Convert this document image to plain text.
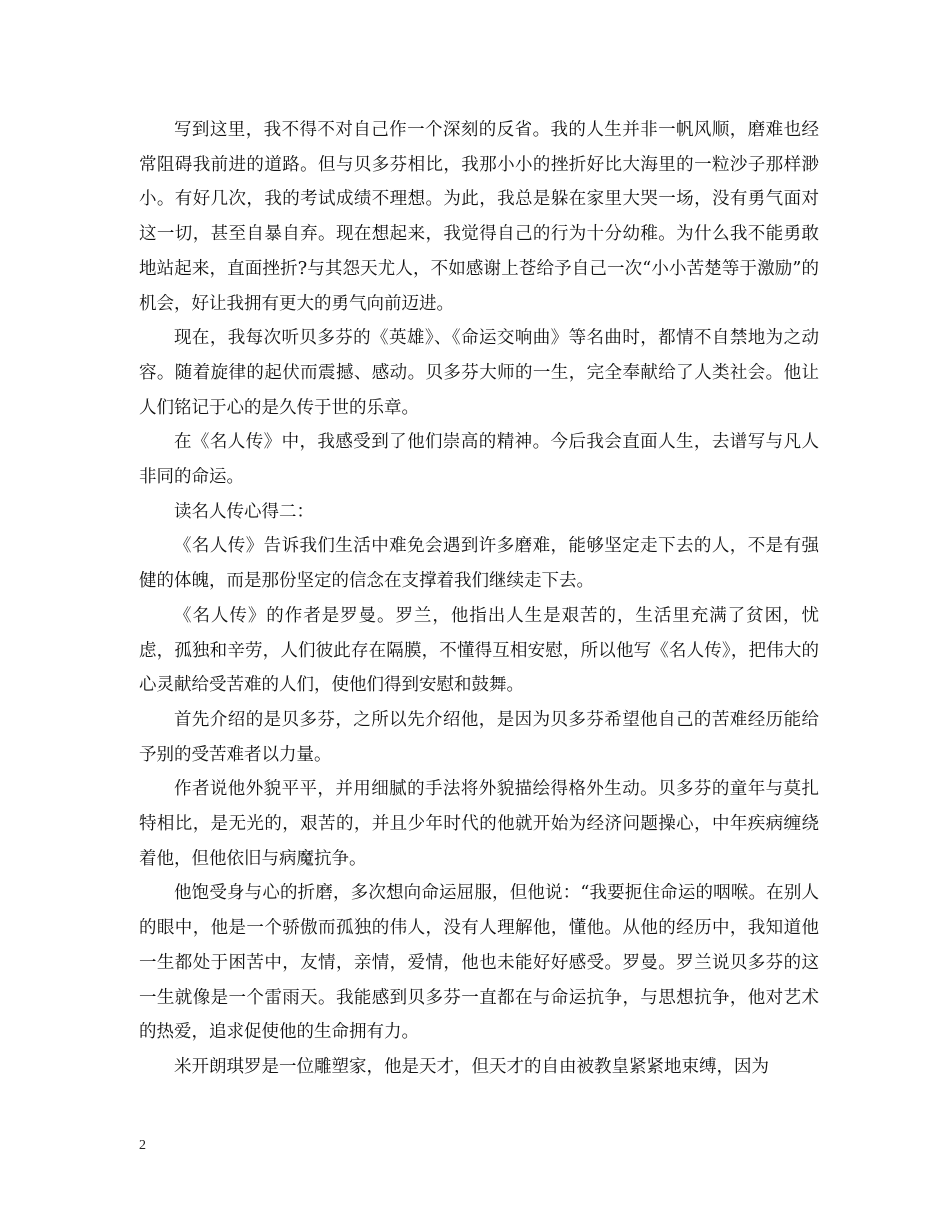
写到这里，我不得不对自己作一个深刻的反省。我的人生并非一帆风顺，磨难也经常阻碍我前进的道路。但与贝多芬相比，我那小小的挫折好比大海里的一粒沙子那样渺小。有好几次，我的考试成绩不理想。为此，我总是躲在家里大哭一场，没有勇气面对这一切，甚至自暴自弃。现在想起来，我觉得自己的行为十分幼稚。为什么我不能勇敢地站起来，直面挫折?与其怨天尤人，不如感谢上苍给予自己一次“小小苦楚等于激励”的机会，好让我拥有更大的勇气向前迈进。

现在，我每次听贝多芬的《英雄》、《命运交响曲》等名曲时，都情不自禁地为之动容。随着旋律的起伏而震撼、感动。贝多芬大师的一生，完全奉献给了人类社会。他让人们铭记于心的是久传于世的乐章。

在《名人传》中，我感受到了他们崇高的精神。今后我会直面人生，去谱写与凡人非同的命运。

读名人传心得二：

《名人传》告诉我们生活中难免会遇到许多磨难，能够坚定走下去的人，不是有强健的体魄，而是那份坚定的信念在支撑着我们继续走下去。

《名人传》的作者是罗曼。罗兰，他指出人生是艰苦的，生活里充满了贫困，忧虑，孤独和辛劳，人们彼此存在隔膜，不懂得互相安慰，所以他写《名人传》，把伟大的心灵献给受苦难的人们，使他们得到安慰和鼓舞。

首先介绍的是贝多芬，之所以先介绍他，是因为贝多芬希望他自己的苦难经历能给予别的受苦难者以力量。

作者说他外貌平平，并用细腻的手法将外貌描绘得格外生动。贝多芬的童年与莫扎特相比，是无光的，艰苦的，并且少年时代的他就开始为经济问题操心，中年疾病缠绕着他，但他依旧与病魔抗争。

他饱受身与心的折磨，多次想向命运屈服，但他说：“我要扼住命运的咽喉。在别人的眼中，他是一个骄傲而孤独的伟人，没有人理解他，懂他。从他的经历中，我知道他一生都处于困苦中，友情，亲情，爱情，他也未能好好感受。罗曼。罗兰说贝多芬的这一生就像是一个雷雨天。我能感到贝多芬一直都在与命运抗争，与思想抗争，他对艺术的热爱，追求促使他的生命拥有力。

米开朗琪罗是一位雕塑家，他是天才，但天才的自由被教皇紧紧地束缚，因为

2
